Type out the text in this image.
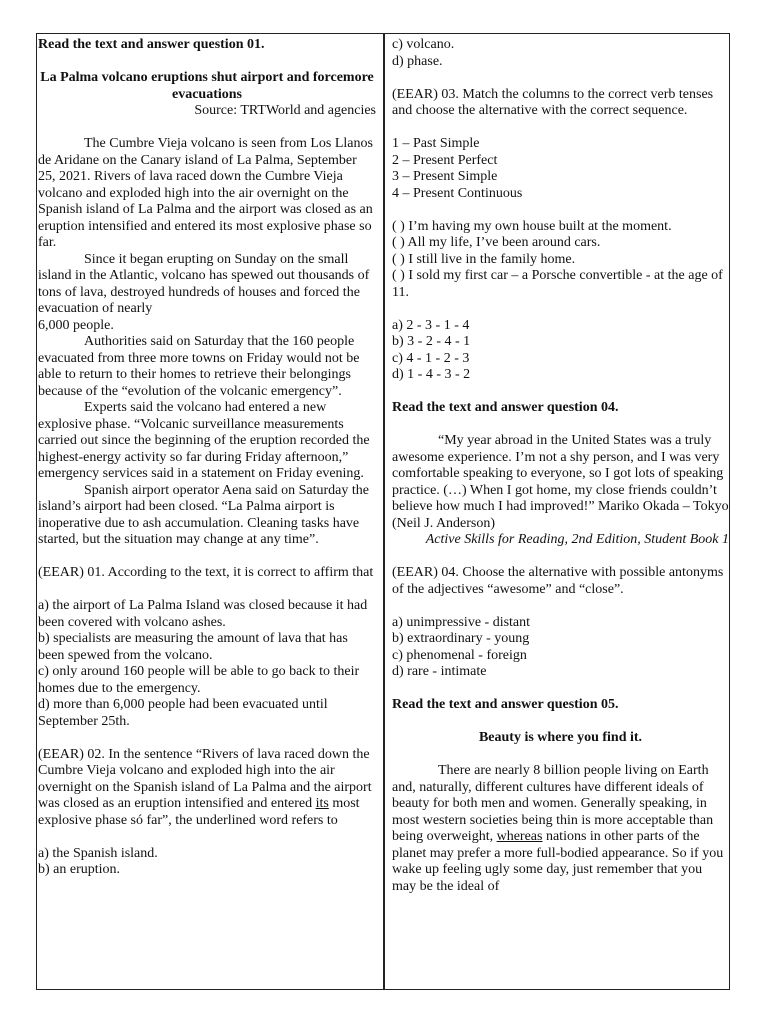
Read the text and answer question 01.

La Palma volcano eruptions shut airport and forcemore evacuations

Source: TRTWorld and agencies

The Cumbre Vieja volcano is seen from Los Llanos de Aridane on the Canary island of La Palma, September 25, 2021. Rivers of lava raced down the Cumbre Vieja volcano and exploded high into the air overnight on the Spanish island of La Palma and the airport was closed as an eruption intensified and entered its most explosive phase so far.

Since it began erupting on Sunday on the small island in the Atlantic, volcano has spewed out thousands of tons of lava, destroyed hundreds of houses and forced the evacuation of nearly

6,000 people.

Authorities said on Saturday that the 160 people evacuated from three more towns on Friday would not be able to return to their homes to retrieve their belongings because of the “evolution of the volcanic emergency”.

Experts said the volcano had entered a new explosive phase. “Volcanic surveillance measurements carried out since the beginning of the eruption recorded the highest-energy activity so far during Friday afternoon,” emergency services said in a statement on Friday evening.

Spanish airport operator Aena said on Saturday the island’s airport had been closed. “La Palma airport is inoperative due to ash accumulation. Cleaning tasks have started, but the situation may change at any time”.

(EEAR) 01. According to the text, it is correct to affirm that

a) the airport of La Palma Island was closed because it had been covered with volcano ashes.

b) specialists are measuring the amount of lava that has been spewed from the volcano.

c) only around 160 people will be able to go back to their homes due to the emergency.

d) more than 6,000 people had been evacuated until September 25th.

(EEAR) 02. In the sentence “Rivers of lava raced down the Cumbre Vieja volcano and exploded high into the air overnight on the Spanish island of La Palma and the airport was closed as an eruption intensified and entered its most explosive phase só far”, the underlined word refers to

a) the Spanish island.

b) an eruption.

c) volcano.

d) phase.

(EEAR) 03. Match the columns to the correct verb tenses and choose the alternative with the correct sequence.

1 – Past Simple

2 – Present Perfect

3 – Present Simple

4 – Present Continuous

( ) I’m having my own house built at the moment.

( ) All my life, I’ve been around cars.

( ) I still live in the family home.

( ) I sold my first car – a Porsche convertible - at the age of 11.

a) 2 - 3 - 1 - 4

b) 3 - 2 - 4 - 1

c) 4 - 1 - 2 - 3

d) 1 - 4 - 3 - 2

Read the text and answer question 04.

“My year abroad in the United States was a truly awesome experience. I’m not a shy person, and I was very comfortable speaking to everyone, so I got lots of speaking practice. (…) When I got home, my close friends couldn’t believe how much I had improved!” Mariko Okada – Tokyo (Neil J. Anderson)

Active Skills for Reading, 2nd Edition, Student Book 1

(EEAR) 04. Choose the alternative with possible antonyms of the adjectives “awesome” and “close”.

a) unimpressive - distant

b) extraordinary - young

c) phenomenal - foreign

d) rare - intimate

Read the text and answer question 05.

Beauty is where you find it.

There are nearly 8 billion people living on Earth and, naturally, different cultures have different ideals of beauty for both men and women. Generally speaking, in most western societies being thin is more acceptable than being overweight, whereas nations in other parts of the planet may prefer a more full-bodied appearance. So if you wake up feeling ugly some day, just remember that you may be the ideal of
